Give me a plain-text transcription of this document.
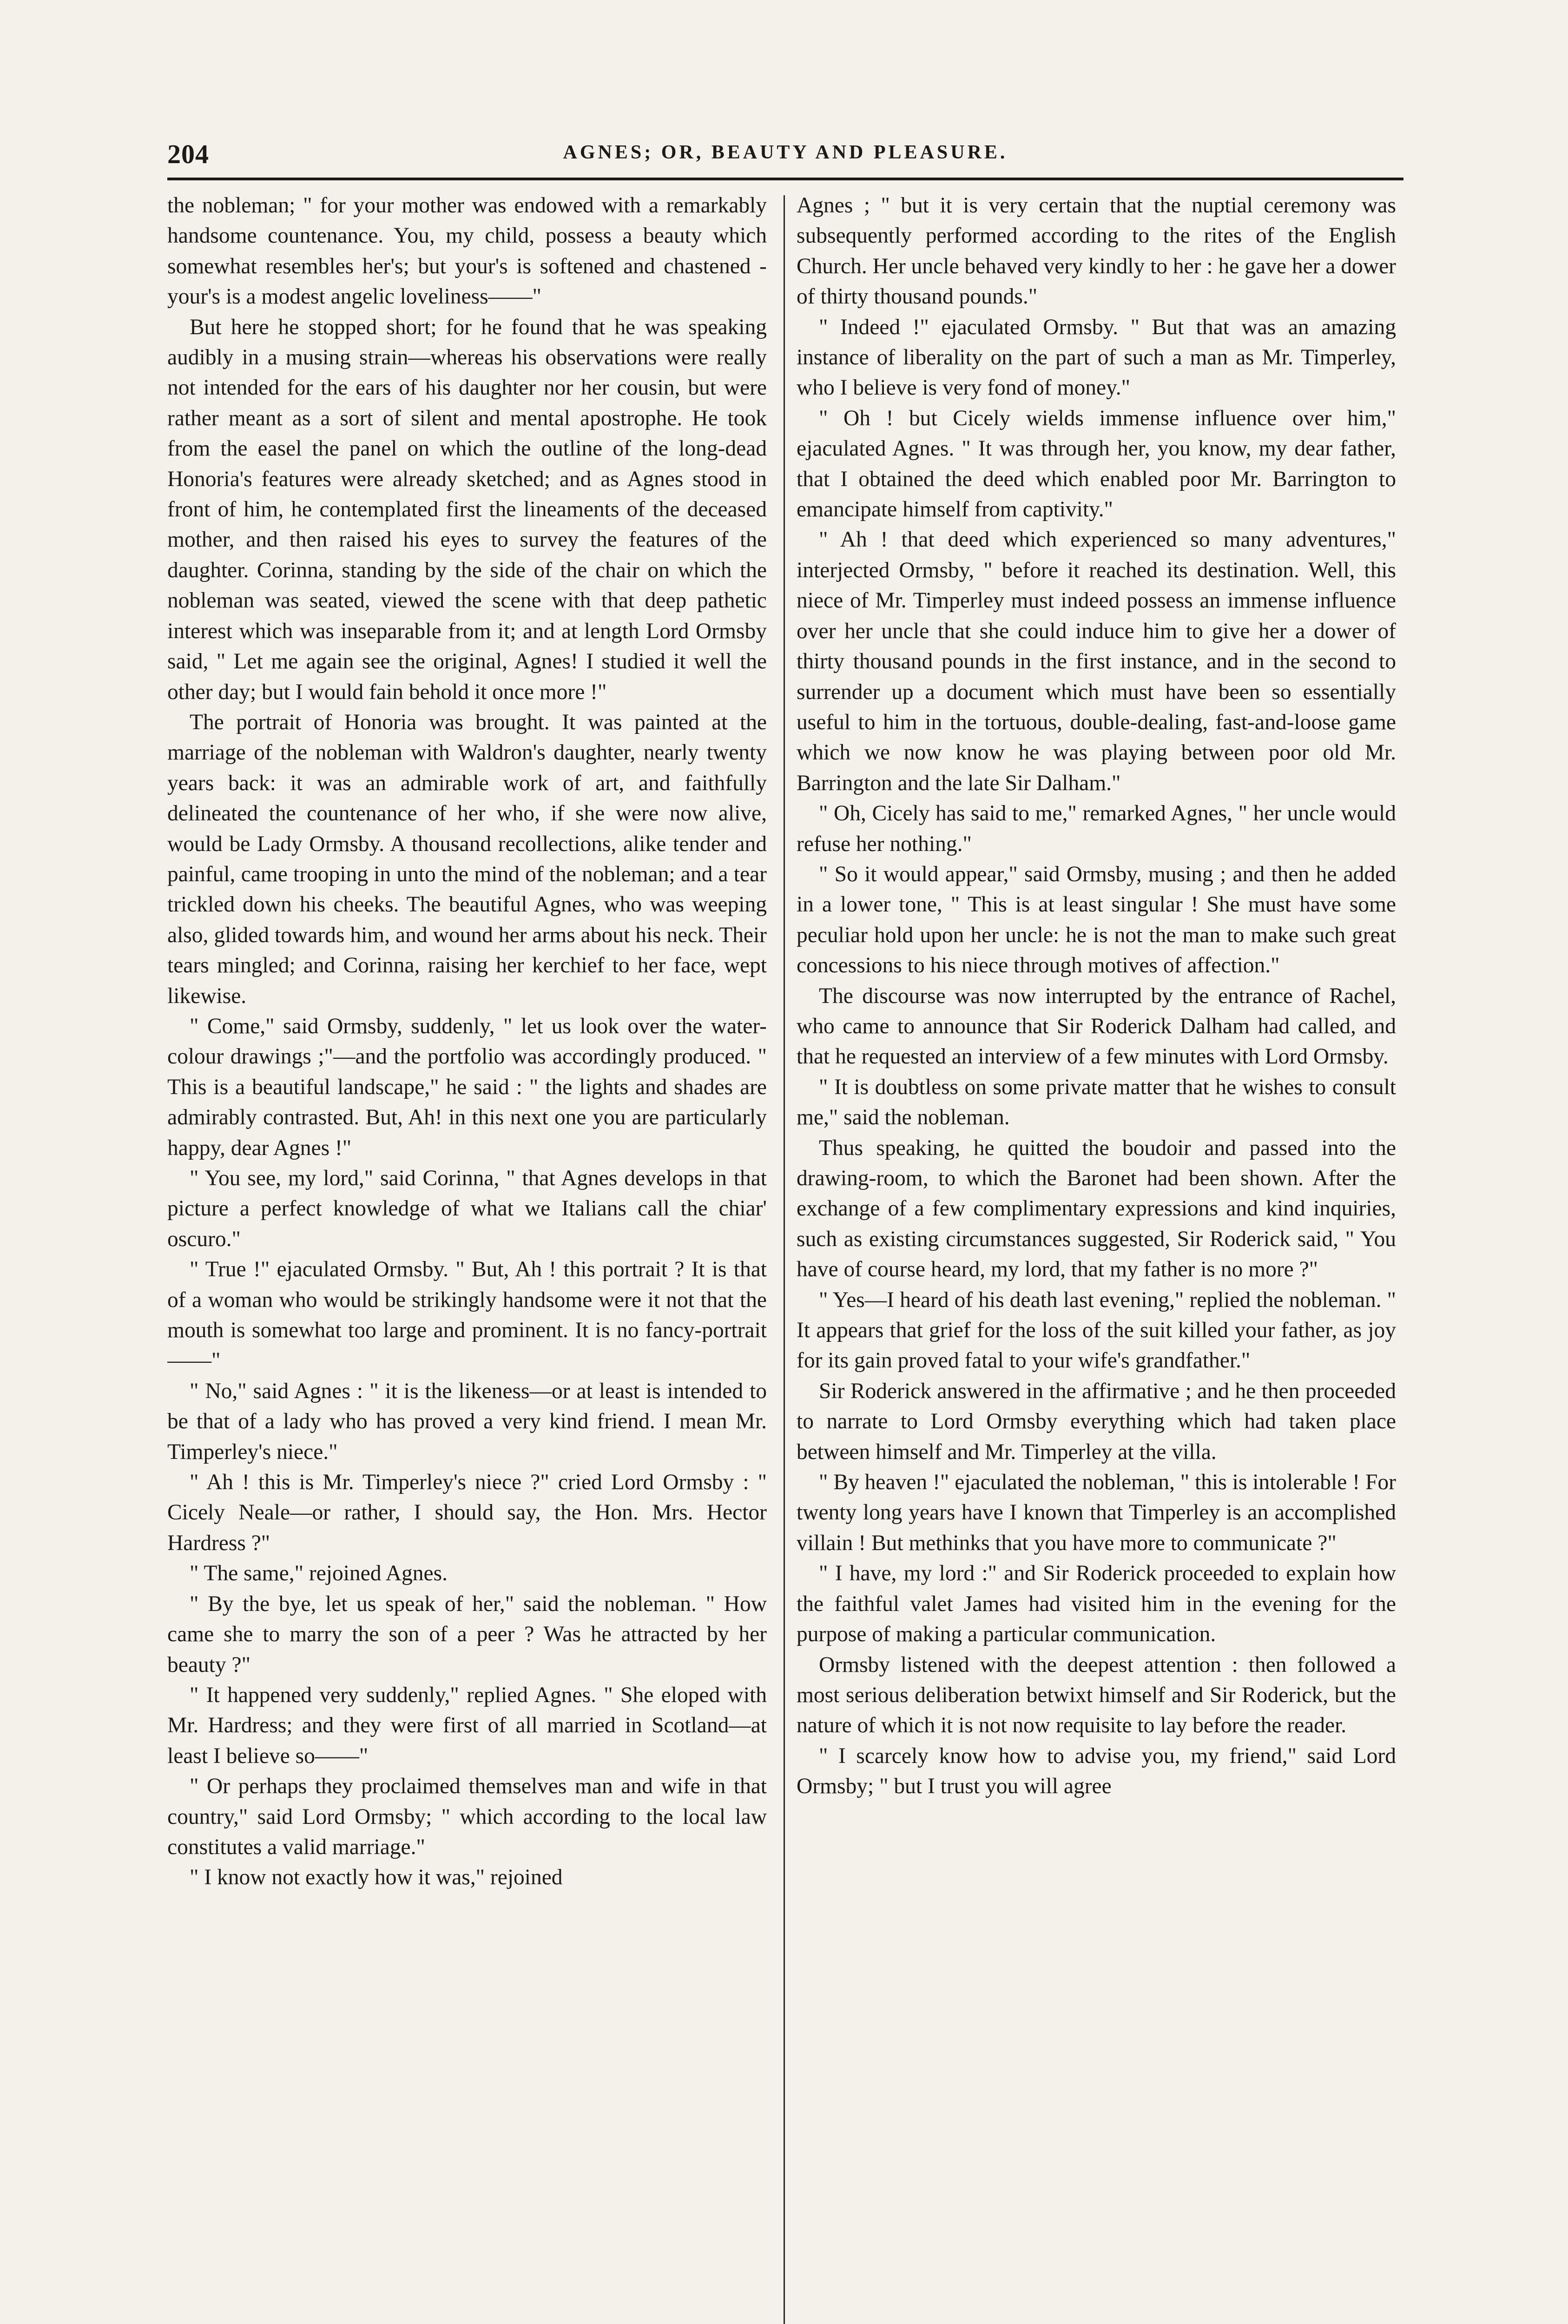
204	AGNES; OR, BEAUTY AND PLEASURE.

the nobleman; " for your mother was endowed with a remarkably handsome countenance. You, my child, possess a beauty which somewhat resembles her's; but your's is softened and chastened - your's is a modest angelic loveliness——"

But here he stopped short; for he found that he was speaking audibly in a musing strain—whereas his observations were really not intended for the ears of his daughter nor her cousin, but were rather meant as a sort of silent and mental apostrophe. He took from the easel the panel on which the outline of the long-dead Honoria's features were already sketched; and as Agnes stood in front of him, he contemplated first the lineaments of the deceased mother, and then raised his eyes to survey the features of the daughter. Corinna, standing by the side of the chair on which the nobleman was seated, viewed the scene with that deep pathetic interest which was inseparable from it; and at length Lord Ormsby said, " Let me again see the original, Agnes! I studied it well the other day; but I would fain behold it once more !"

The portrait of Honoria was brought. It was painted at the marriage of the nobleman with Waldron's daughter, nearly twenty years back: it was an admirable work of art, and faithfully delineated the countenance of her who, if she were now alive, would be Lady Ormsby. A thousand recollections, alike tender and painful, came trooping in unto the mind of the nobleman; and a tear trickled down his cheeks. The beautiful Agnes, who was weeping also, glided towards him, and wound her arms about his neck. Their tears mingled; and Corinna, raising her kerchief to her face, wept likewise.

" Come," said Ormsby, suddenly, " let us look over the water-colour drawings ;"—and the portfolio was accordingly produced. " This is a beautiful landscape," he said : " the lights and shades are admirably contrasted. But, Ah! in this next one you are particularly happy, dear Agnes !"

" You see, my lord," said Corinna, " that Agnes develops in that picture a perfect knowledge of what we Italians call the chiar' oscuro."

" True !" ejaculated Ormsby. " But, Ah ! this portrait ? It is that of a woman who would be strikingly handsome were it not that the mouth is somewhat too large and prominent. It is no fancy-portrait——"

" No," said Agnes : " it is the likeness—or at least is intended to be that of a lady who has proved a very kind friend. I mean Mr. Timperley's niece."

" Ah ! this is Mr. Timperley's niece ?" cried Lord Ormsby : " Cicely Neale—or rather, I should say, the Hon. Mrs. Hector Hardress ?"

" The same," rejoined Agnes.

" By the bye, let us speak of her," said the nobleman. " How came she to marry the son of a peer ? Was he attracted by her beauty ?"

" It happened very suddenly," replied Agnes. " She eloped with Mr. Hardress; and they were first of all married in Scotland—at least I believe so——"

" Or perhaps they proclaimed themselves man and wife in that country," said Lord Ormsby; " which according to the local law constitutes a valid marriage."

" I know not exactly how it was," rejoined

Agnes ; " but it is very certain that the nuptial ceremony was subsequently performed according to the rites of the English Church. Her uncle behaved very kindly to her : he gave her a dower of thirty thousand pounds."

" Indeed !" ejaculated Ormsby. " But that was an amazing instance of liberality on the part of such a man as Mr. Timperley, who I believe is very fond of money."

" Oh ! but Cicely wields immense influence over him," ejaculated Agnes. " It was through her, you know, my dear father, that I obtained the deed which enabled poor Mr. Barrington to emancipate himself from captivity."

" Ah ! that deed which experienced so many adventures," interjected Ormsby, " before it reached its destination. Well, this niece of Mr. Timperley must indeed possess an immense influence over her uncle that she could induce him to give her a dower of thirty thousand pounds in the first instance, and in the second to surrender up a document which must have been so essentially useful to him in the tortuous, double-dealing, fast-and-loose game which we now know he was playing between poor old Mr. Barrington and the late Sir Dalham."

" Oh, Cicely has said to me," remarked Agnes, " her uncle would refuse her nothing."

" So it would appear," said Ormsby, musing ; and then he added in a lower tone, " This is at least singular ! She must have some peculiar hold upon her uncle: he is not the man to make such great concessions to his niece through motives of affection."

The discourse was now interrupted by the entrance of Rachel, who came to announce that Sir Roderick Dalham had called, and that he requested an interview of a few minutes with Lord Ormsby.

" It is doubtless on some private matter that he wishes to consult me," said the nobleman.

Thus speaking, he quitted the boudoir and passed into the drawing-room, to which the Baronet had been shown. After the exchange of a few complimentary expressions and kind inquiries, such as existing circumstances suggested, Sir Roderick said, " You have of course heard, my lord, that my father is no more ?"

" Yes—I heard of his death last evening," replied the nobleman. " It appears that grief for the loss of the suit killed your father, as joy for its gain proved fatal to your wife's grandfather."

Sir Roderick answered in the affirmative ; and he then proceeded to narrate to Lord Ormsby everything which had taken place between himself and Mr. Timperley at the villa.

" By heaven !" ejaculated the nobleman, " this is intolerable ! For twenty long years have I known that Timperley is an accomplished villain ! But methinks that you have more to communicate ?"

" I have, my lord :" and Sir Roderick proceeded to explain how the faithful valet James had visited him in the evening for the purpose of making a particular communication.

Ormsby listened with the deepest attention : then followed a most serious deliberation betwixt himself and Sir Roderick, but the nature of which it is not now requisite to lay before the reader.

" I scarcely know how to advise you, my friend," said Lord Ormsby; " but I trust you will agree
